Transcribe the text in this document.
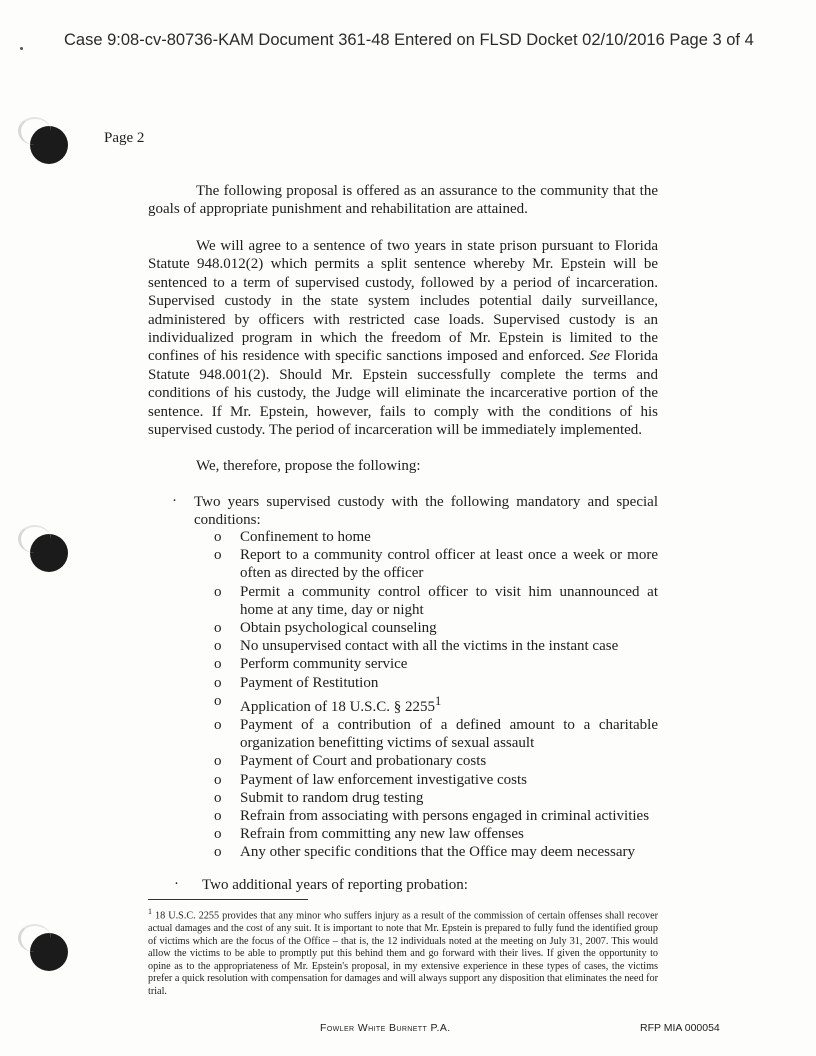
Case 9:08-cv-80736-KAM Document 361-48 Entered on FLSD Docket 02/10/2016 Page 3 of 4
Page 2

The following proposal is offered as an assurance to the community that the goals of appropriate punishment and rehabilitation are attained.

We will agree to a sentence of two years in state prison pursuant to Florida Statute 948.012(2) which permits a split sentence whereby Mr. Epstein will be sentenced to a term of supervised custody, followed by a period of incarceration. Supervised custody in the state system includes potential daily surveillance, administered by officers with restricted case loads. Supervised custody is an individualized program in which the freedom of Mr. Epstein is limited to the confines of his residence with specific sanctions imposed and enforced. See Florida Statute 948.001(2). Should Mr. Epstein successfully complete the terms and conditions of his custody, the Judge will eliminate the incarcerative portion of the sentence. If Mr. Epstein, however, fails to comply with the conditions of his supervised custody. The period of incarceration will be immediately implemented.

We, therefore, propose the following:

· Two years supervised custody with the following mandatory and special conditions:

o Confinement to home
o Report to a community control officer at least once a week or more often as directed by the officer
o Permit a community control officer to visit him unannounced at home at any time, day or night
o Obtain psychological counseling
o No unsupervised contact with all the victims in the instant case
o Perform community service
o Payment of Restitution
o Application of 18 U.S.C. § 2255$^1$
o Payment of a contribution of a defined amount to a charitable organization benefitting victims of sexual assault
o Payment of Court and probationary costs
o Payment of law enforcement investigative costs
o Submit to random drug testing
o Refrain from associating with persons engaged in criminal activities
o Refrain from committing any new law offenses
o Any other specific conditions that the Office may deem necessary
· Two additional years of reporting probation:

$^1$ 18 U.S.C. 2255 provides that any minor who suffers injury as a result of the commission of certain offenses shall recover actual damages and the cost of any suit. It is important to note that Mr. Epstein is prepared to fully fund the identified group of victims which are the focus of the Office – that is, the 12 individuals noted at the meeting on July 31, 2007. This would allow the victims to be able to promptly put this behind them and go forward with their lives. If given the opportunity to opine as to the appropriateness of Mr. Epstein's proposal, in my extensive experience in these types of cases, the victims prefer a quick resolution with compensation for damages and will always support any disposition that eliminates the need for trial.

Fowler White Burnett P.A.	RFP MIA 000054
